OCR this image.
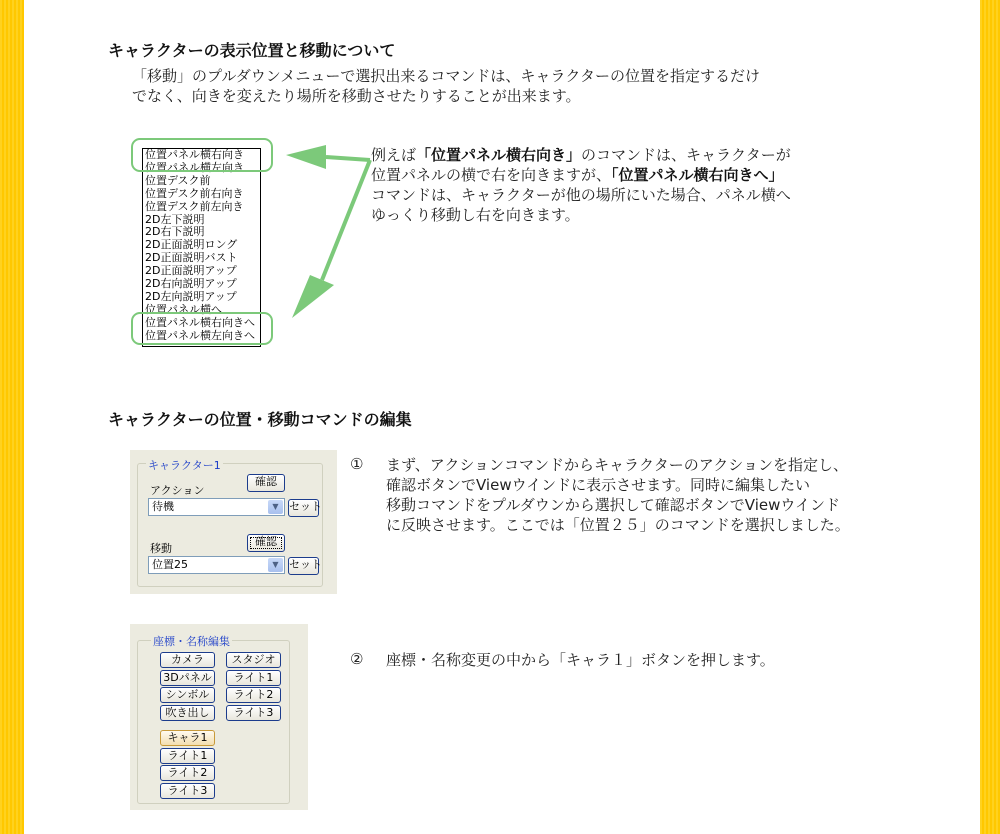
キャラクターの表示位置と移動について
「移動」のプルダウンメニューで選択出来るコマンドは、キャラクターの位置を指定するだけ
でなく、向きを変えたり場所を移動させたりすることが出来ます。
位置パネル横右向き
位置パネル横左向き
位置デスク前
位置デスク前右向き
位置デスク前左向き
2D左下説明
2D右下説明
2D正面説明ロング
2D正面説明バスト
2D正面説明アップ
2D右向説明アップ
2D左向説明アップ
位置パネル横へ
位置パネル横右向きへ
位置パネル横左向きへ
例えば「位置パネル横右向き」のコマンドは、キャラクターが
位置パネルの横で右を向きますが、「位置パネル横右向きへ」
コマンドは、キャラクターが他の場所にいた場合、パネル横へ
ゆっくり移動し右を向きます。
キャラクターの位置・移動コマンドの編集
キャラクター1
アクション
確認
待機	▼ セット
移動
確認
位置25	▼ セット
① まず、アクションコマンドからキャラクターのアクションを指定し、
確認ボタンでViewウインドに表示させます。同時に編集したい
移動コマンドをプルダウンから選択して確認ボタンでViewウインド
に反映させます。ここでは「位置２５」のコマンドを選択しました。
座標・名称編集
カメラ	スタジオ
3Dパネル	ライト1
シンボル	ライト2
吹き出し	ライト3
キャラ1
ライト1
ライト2
ライト3
② 座標・名称変更の中から「キャラ１」ボタンを押します。
